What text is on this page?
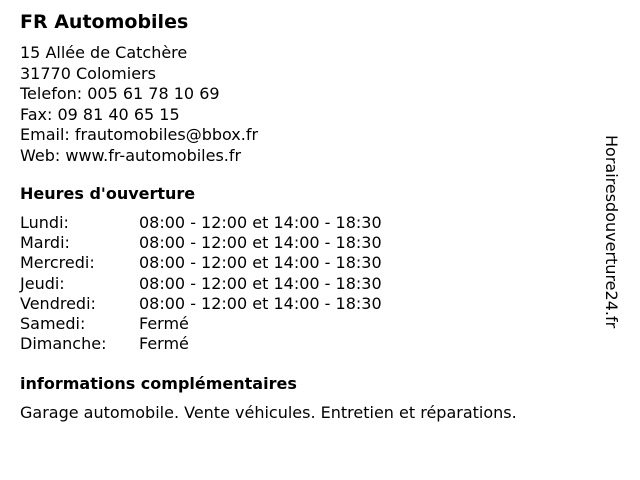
FR Automobiles
15 Allée de Catchère
31770 Colomiers
Telefon: 005 61 78 10 69
Fax: 09 81 40 65 15
Email: frautomobiles@bbox.fr
Web: www.fr-automobiles.fr
Heures d'ouverture
Lundi:	08:00 - 12:00 et 14:00 - 18:30
Mardi:	08:00 - 12:00 et 14:00 - 18:30
Mercredi:	08:00 - 12:00 et 14:00 - 18:30
Jeudi:	08:00 - 12:00 et 14:00 - 18:30
Vendredi:	08:00 - 12:00 et 14:00 - 18:30
Samedi:	Fermé
Dimanche:	Fermé
informations complémentaires
Garage automobile. Vente véhicules. Entretien et réparations.
Horairesdouverture24.fr
